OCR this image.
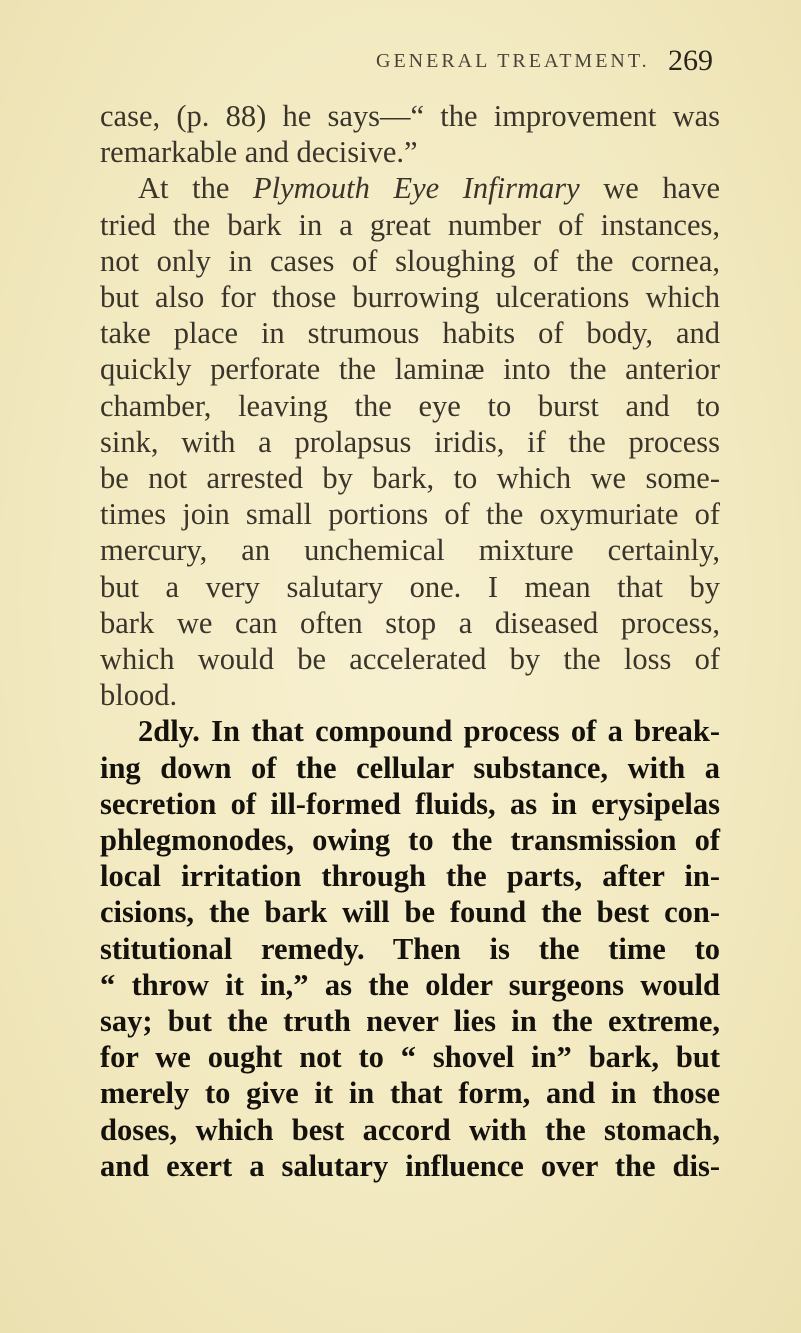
GENERAL TREATMENT. 269
case, (p. 88) he says—“ the improvement was
remarkable and decisive.”
At the Plymouth Eye Infirmary we have
tried the bark in a great number of instances,
not only in cases of sloughing of the cornea,
but also for those burrowing ulcerations which
take place in strumous habits of body, and
quickly perforate the laminæ into the anterior
chamber, leaving the eye to burst and to
sink, with a prolapsus iridis, if the process
be not arrested by bark, to which we some-
times join small portions of the oxymuriate of
mercury, an unchemical mixture certainly,
but a very salutary one. I mean that by
bark we can often stop a diseased process,
which would be accelerated by the loss of
blood.
2dly. In that compound process of a break-
ing down of the cellular substance, with a
secretion of ill-formed fluids, as in erysipelas
phlegmonodes, owing to the transmission of
local irritation through the parts, after in-
cisions, the bark will be found the best con-
stitutional remedy. Then is the time to
“ throw it in,” as the older surgeons would
say; but the truth never lies in the extreme,
for we ought not to “ shovel in” bark, but
merely to give it in that form, and in those
doses, which best accord with the stomach,
and exert a salutary influence over the dis-
